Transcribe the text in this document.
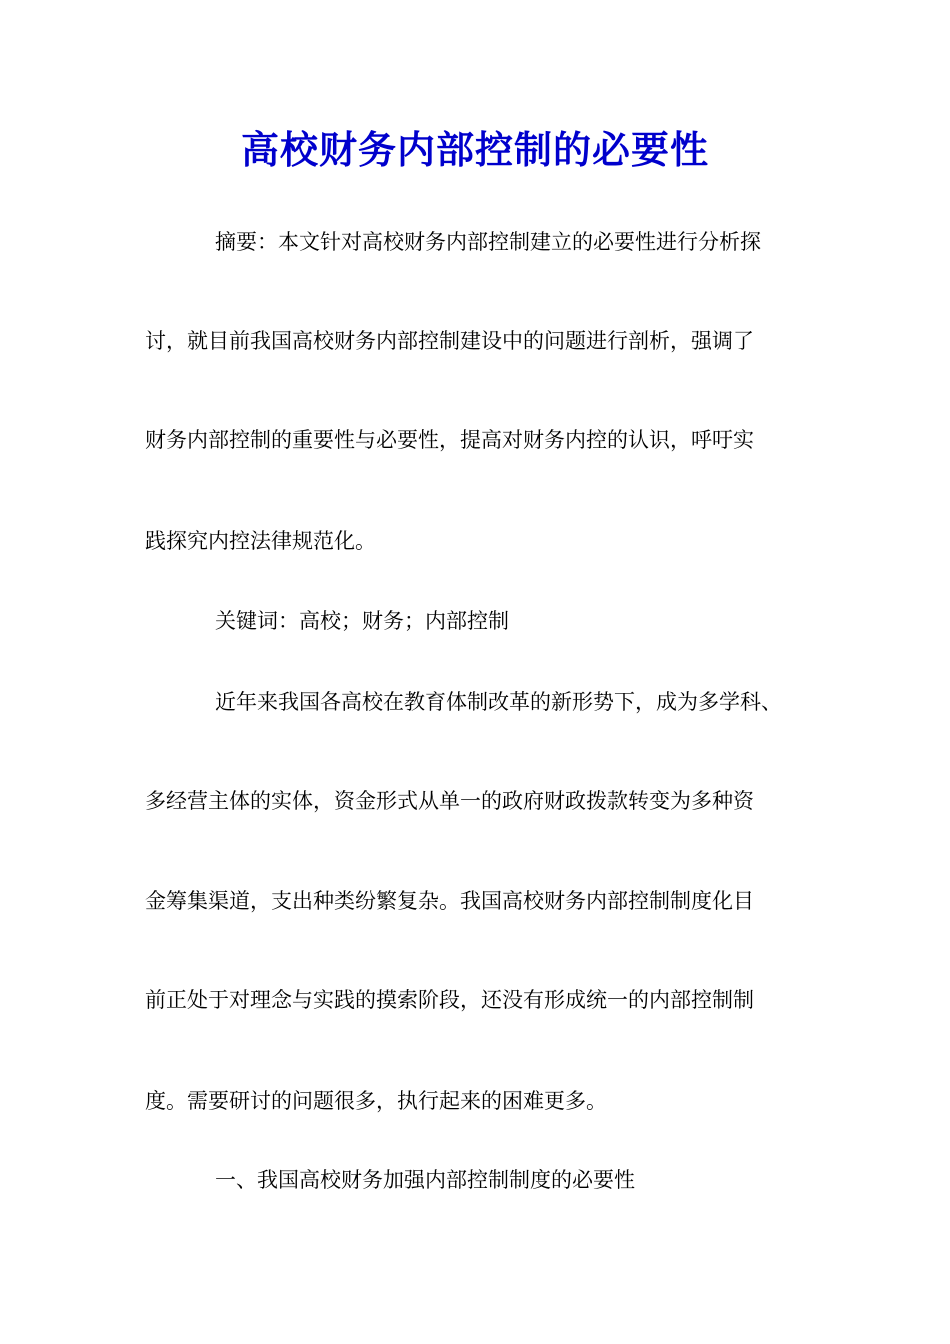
高校财务内部控制的必要性
摘要：本文针对高校财务内部控制建立的必要性进行分析探
讨，就目前我国高校财务内部控制建设中的问题进行剖析，强调了
财务内部控制的重要性与必要性，提高对财务内控的认识，呼吁实
践探究内控法律规范化。
关键词：高校；财务；内部控制
近年来我国各高校在教育体制改革的新形势下，成为多学科、
多经营主体的实体，资金形式从单一的政府财政拨款转变为多种资
金筹集渠道，支出种类纷繁复杂。我国高校财务内部控制制度化目
前正处于对理念与实践的摸索阶段，还没有形成统一的内部控制制
度。需要研讨的问题很多，执行起来的困难更多。
一、我国高校财务加强内部控制制度的必要性
